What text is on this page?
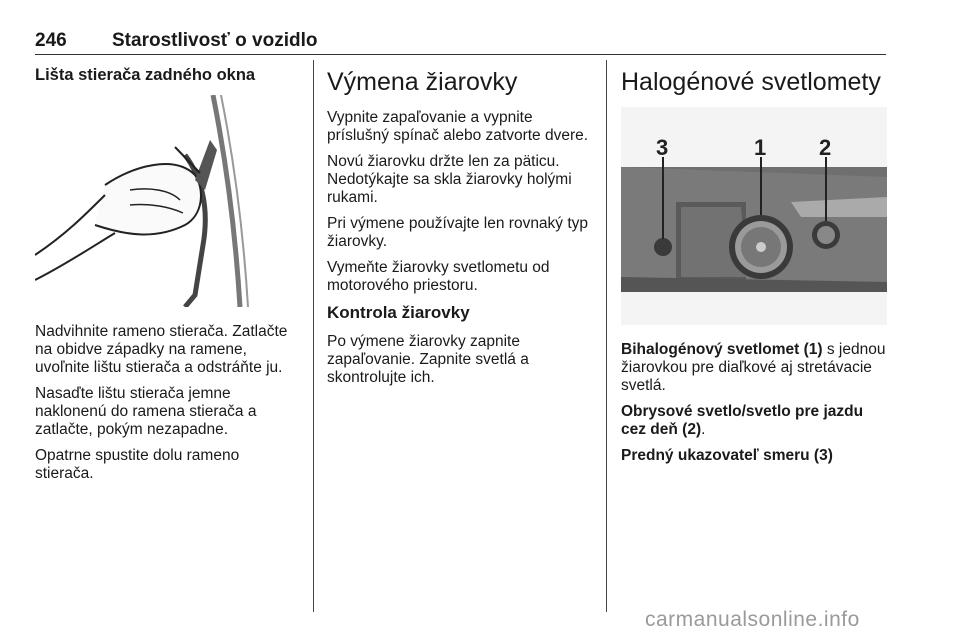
246 Starostlivosť o vozidlo
Lišta stierača zadného okna

Nadvihnite rameno stierača. Zatlačte na obidve západky na ramene, uvoľnite lištu stierača a odstráňte ju.

Nasaďte lištu stierača jemne naklonenú do ramena stierača a zatlačte, pokým nezapadne.

Opatrne spustite dolu rameno stierača.

Výmena žiarovky

Vypnite zapaľovanie a vypnite príslušný spínač alebo zatvorte dvere.

Novú žiarovku držte len za päticu. Nedotýkajte sa skla žiarovky holými rukami.

Pri výmene používajte len rovnaký typ žiarovky.

Vymeňte žiarovky svetlometu od motorového priestoru.

Kontrola žiarovky

Po výmene žiarovky zapnite zapaľovanie. Zapnite svetlá a skontrolujte ich.

Halogénové svetlomety
3	1 2

Bihalogénový svetlomet (1) s jednou žiarovkou pre diaľkové aj stretávacie svetlá.

Obrysové svetlo/svetlo pre jazdu cez deň (2).

Predný ukazovateľ smeru (3)

carmanualsonline.info
